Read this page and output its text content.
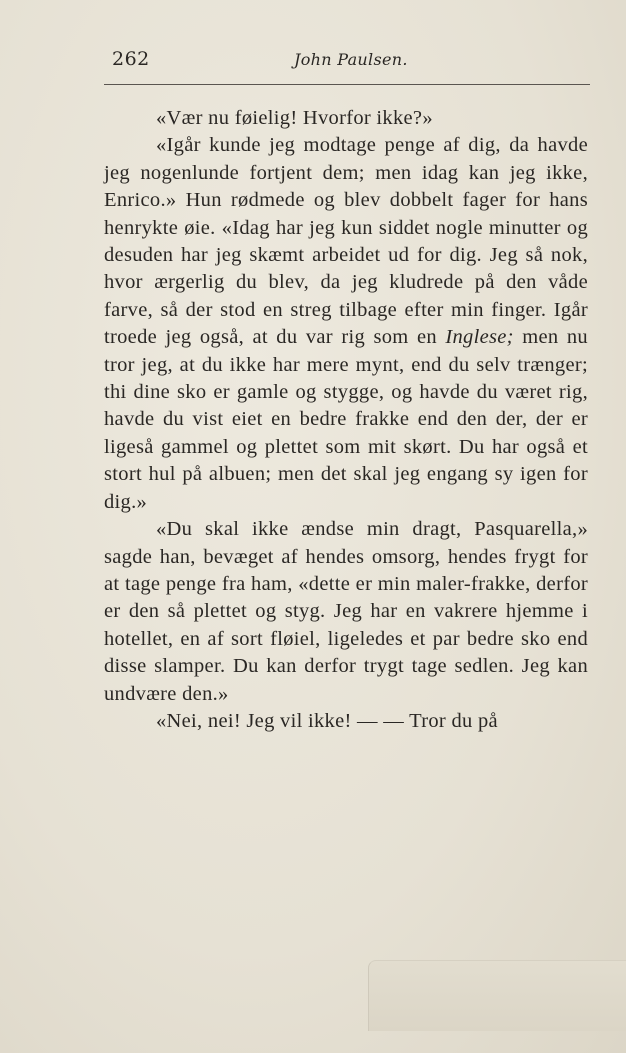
262	John Paulsen.

«Vær nu føielig! Hvorfor ikke?»

«Igår kunde jeg modtage penge af dig, da havde jeg nogenlunde fortjent dem; men idag kan jeg ikke, Enrico.» Hun rødmede og blev dobbelt fager for hans henrykte øie. «Idag har jeg kun siddet nogle minutter og desuden har jeg skæmt arbeidet ud for dig. Jeg så nok, hvor ærgerlig du blev, da jeg kludrede på den våde farve, så der stod en streg tilbage efter min finger. Igår troede jeg også, at du var rig som en Inglese; men nu tror jeg, at du ikke har mere mynt, end du selv trænger; thi dine sko er gamle og stygge, og havde du været rig, havde du vist eiet en bedre frakke end den der, der er ligeså gammel og plettet som mit skørt. Du har også et stort hul på albuen; men det skal jeg engang sy igen for dig.»

«Du skal ikke ændse min dragt, Pasquarella,» sagde han, bevæget af hendes omsorg, hendes frygt for at tage penge fra ham, «dette er min maler-frakke, derfor er den så plettet og styg. Jeg har en vakrere hjemme i hotellet, en af sort fløiel, ligeledes et par bedre sko end disse slamper. Du kan derfor trygt tage sedlen. Jeg kan undvære den.»

«Nei, nei! Jeg vil ikke! — — Tror du på
